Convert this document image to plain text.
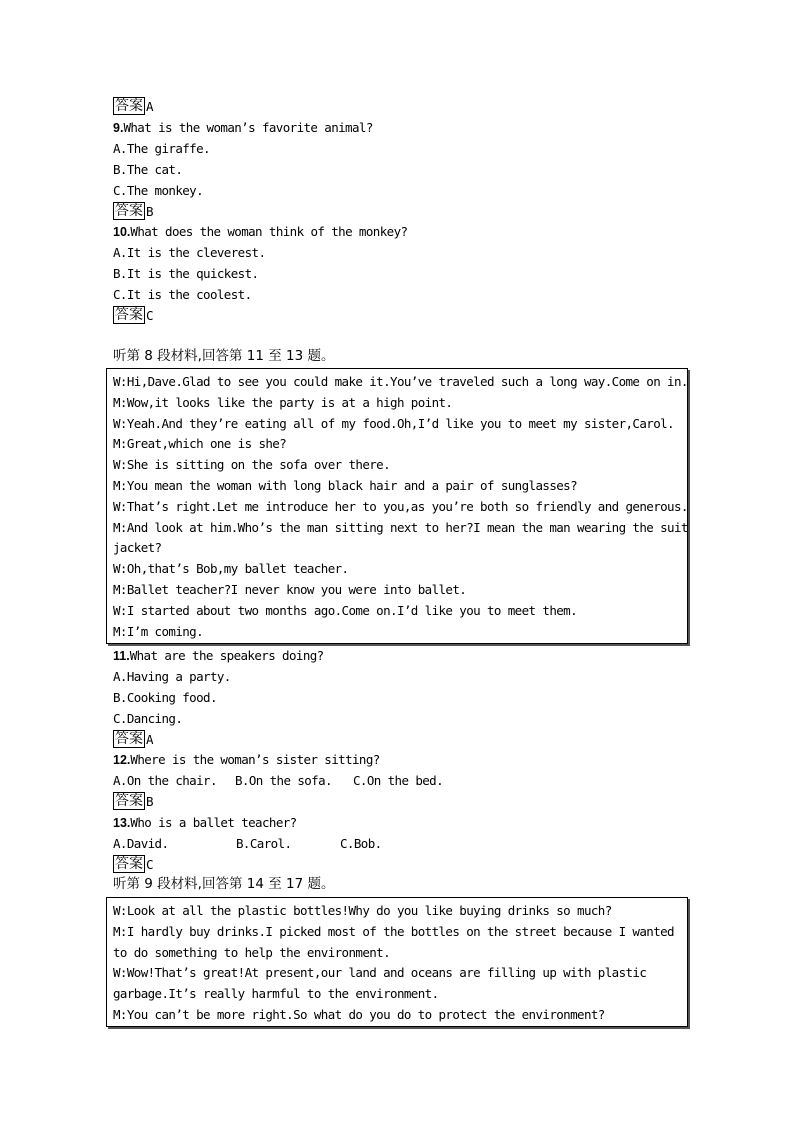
答案 A
9.What is the woman’s favorite animal?
A.The giraffe.
B.The cat.
C.The monkey.
答案 B
10.What does the woman think of the monkey?
A.It is the cleverest.
B.It is the quickest.
C.It is the coolest.
答案 C
听第 8 段材料,回答第 11 至 13 题。
W:Hi,Dave.Glad to see you could make it.You’ve traveled such a long way.Come on in.
M:Wow,it looks like the party is at a high point.
W:Yeah.And they’re eating all of my food.Oh,I’d like you to meet my sister,Carol.
M:Great,which one is she?
W:She is sitting on the sofa over there.
M:You mean the woman with long black hair and a pair of sunglasses?
W:That’s right.Let me introduce her to you,as you’re both so friendly and generous.
M:And look at him.Who’s the man sitting next to her?I mean the man wearing the suit
jacket?
W:Oh,that’s Bob,my ballet teacher.
M:Ballet teacher?I never know you were into ballet.
W:I started about two months ago.Come on.I’d like you to meet them.
M:I’m coming.
11.What are the speakers doing?
A.Having a party.
B.Cooking food.
C.Dancing.
答案 A
12.Where is the woman’s sister sitting?
A.On the chair. B.On the sofa. C.On the bed.
答案 B
13.Who is a ballet teacher?
A.David.	B.Carol.	C.Bob.
答案 C
听第 9 段材料,回答第 14 至 17 题。
W:Look at all the plastic bottles!Why do you like buying drinks so much?
M:I hardly buy drinks.I picked most of the bottles on the street because I wanted
to do something to help the environment.
W:Wow!That’s great!At present,our land and oceans are filling up with plastic
garbage.It’s really harmful to the environment.
M:You can’t be more right.So what do you do to protect the environment?
